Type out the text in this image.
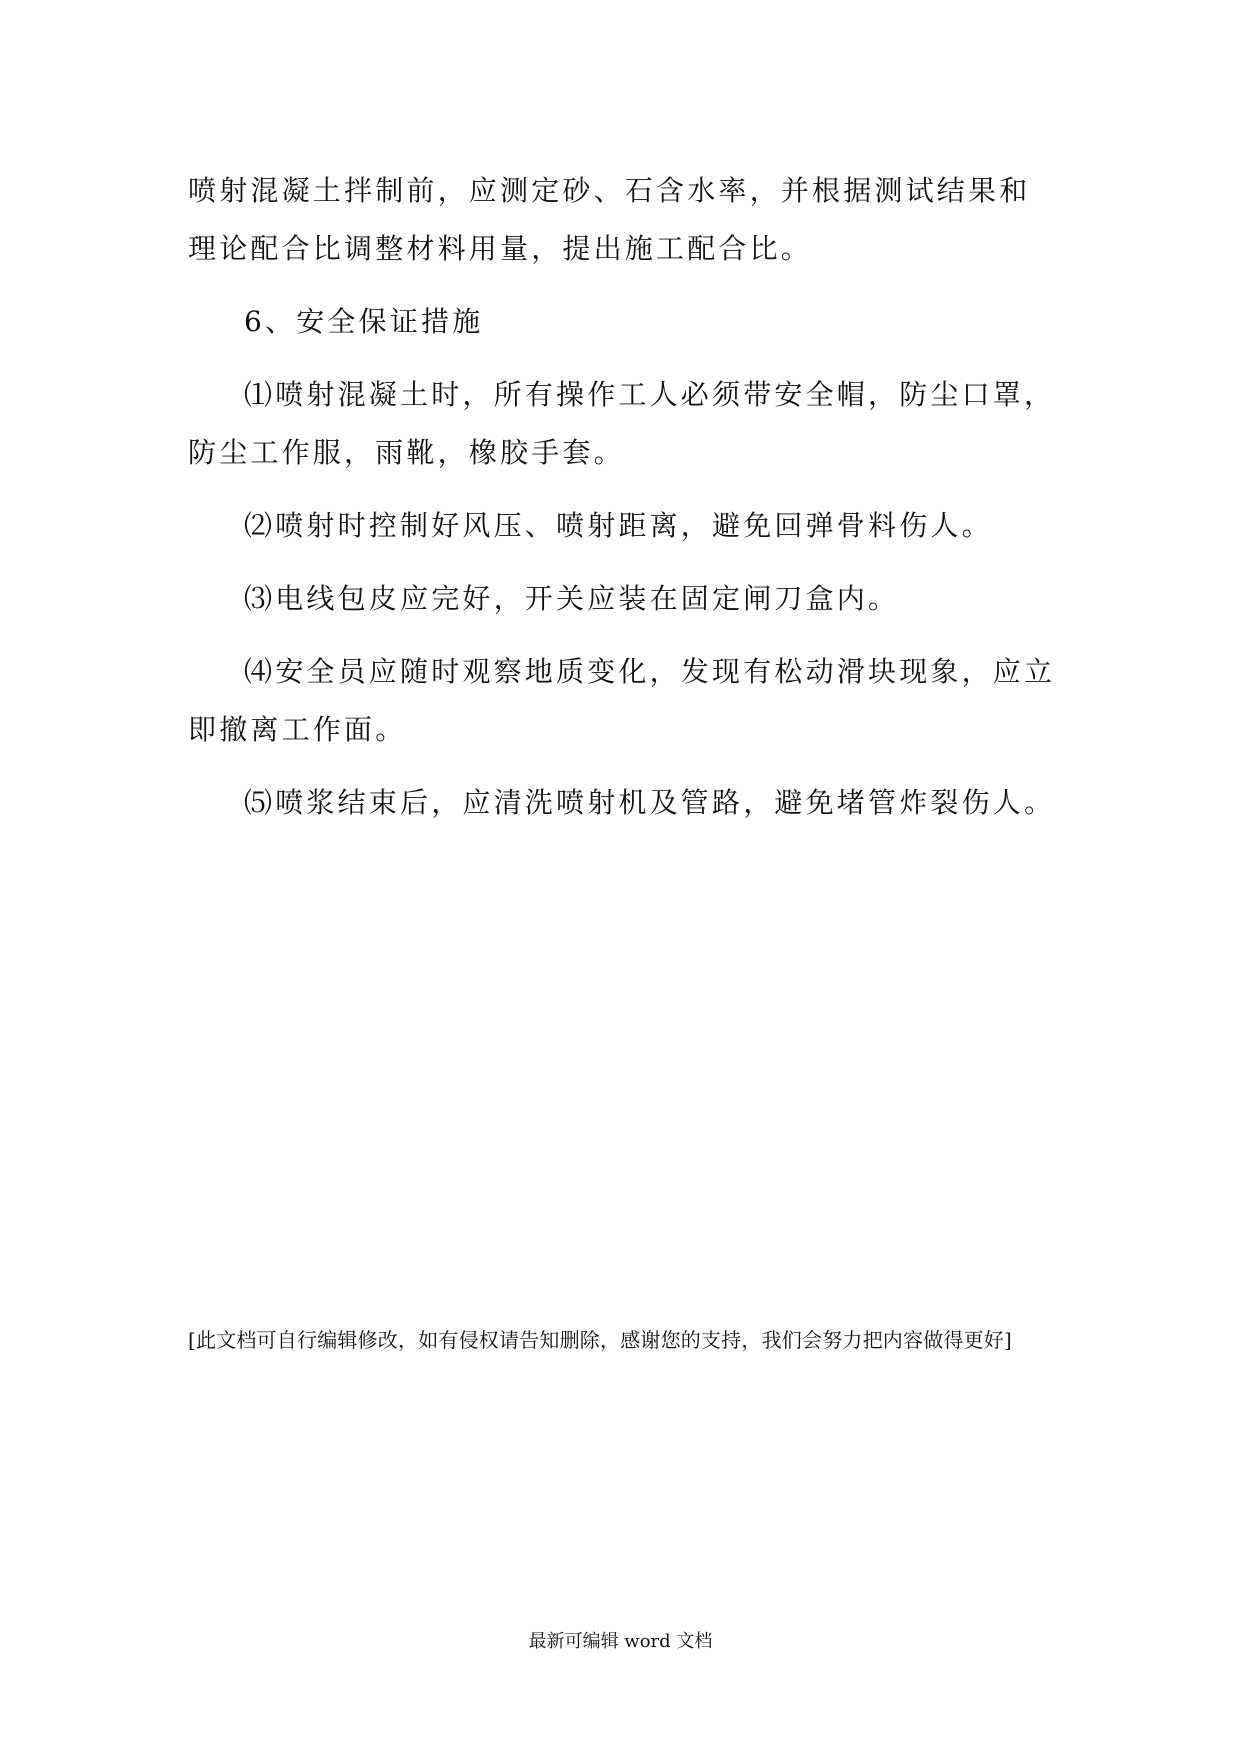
喷射混凝土拌制前，应测定砂、石含水率，并根据测试结果和理论配合比调整材料用量，提出施工配合比。

6、安全保证措施

⑴喷射混凝土时，所有操作工人必须带安全帽，防尘口罩，防尘工作服，雨靴，橡胶手套。

⑵喷射时控制好风压、喷射距离，避免回弹骨料伤人。

⑶电线包皮应完好，开关应装在固定闸刀盒内。

⑷安全员应随时观察地质变化，发现有松动滑块现象，应立即撤离工作面。

⑸喷浆结束后，应清洗喷射机及管路，避免堵管炸裂伤人。

[此文档可自行编辑修改，如有侵权请告知删除，感谢您的支持，我们会努力把内容做得更好]
最新可编辑 word 文档
